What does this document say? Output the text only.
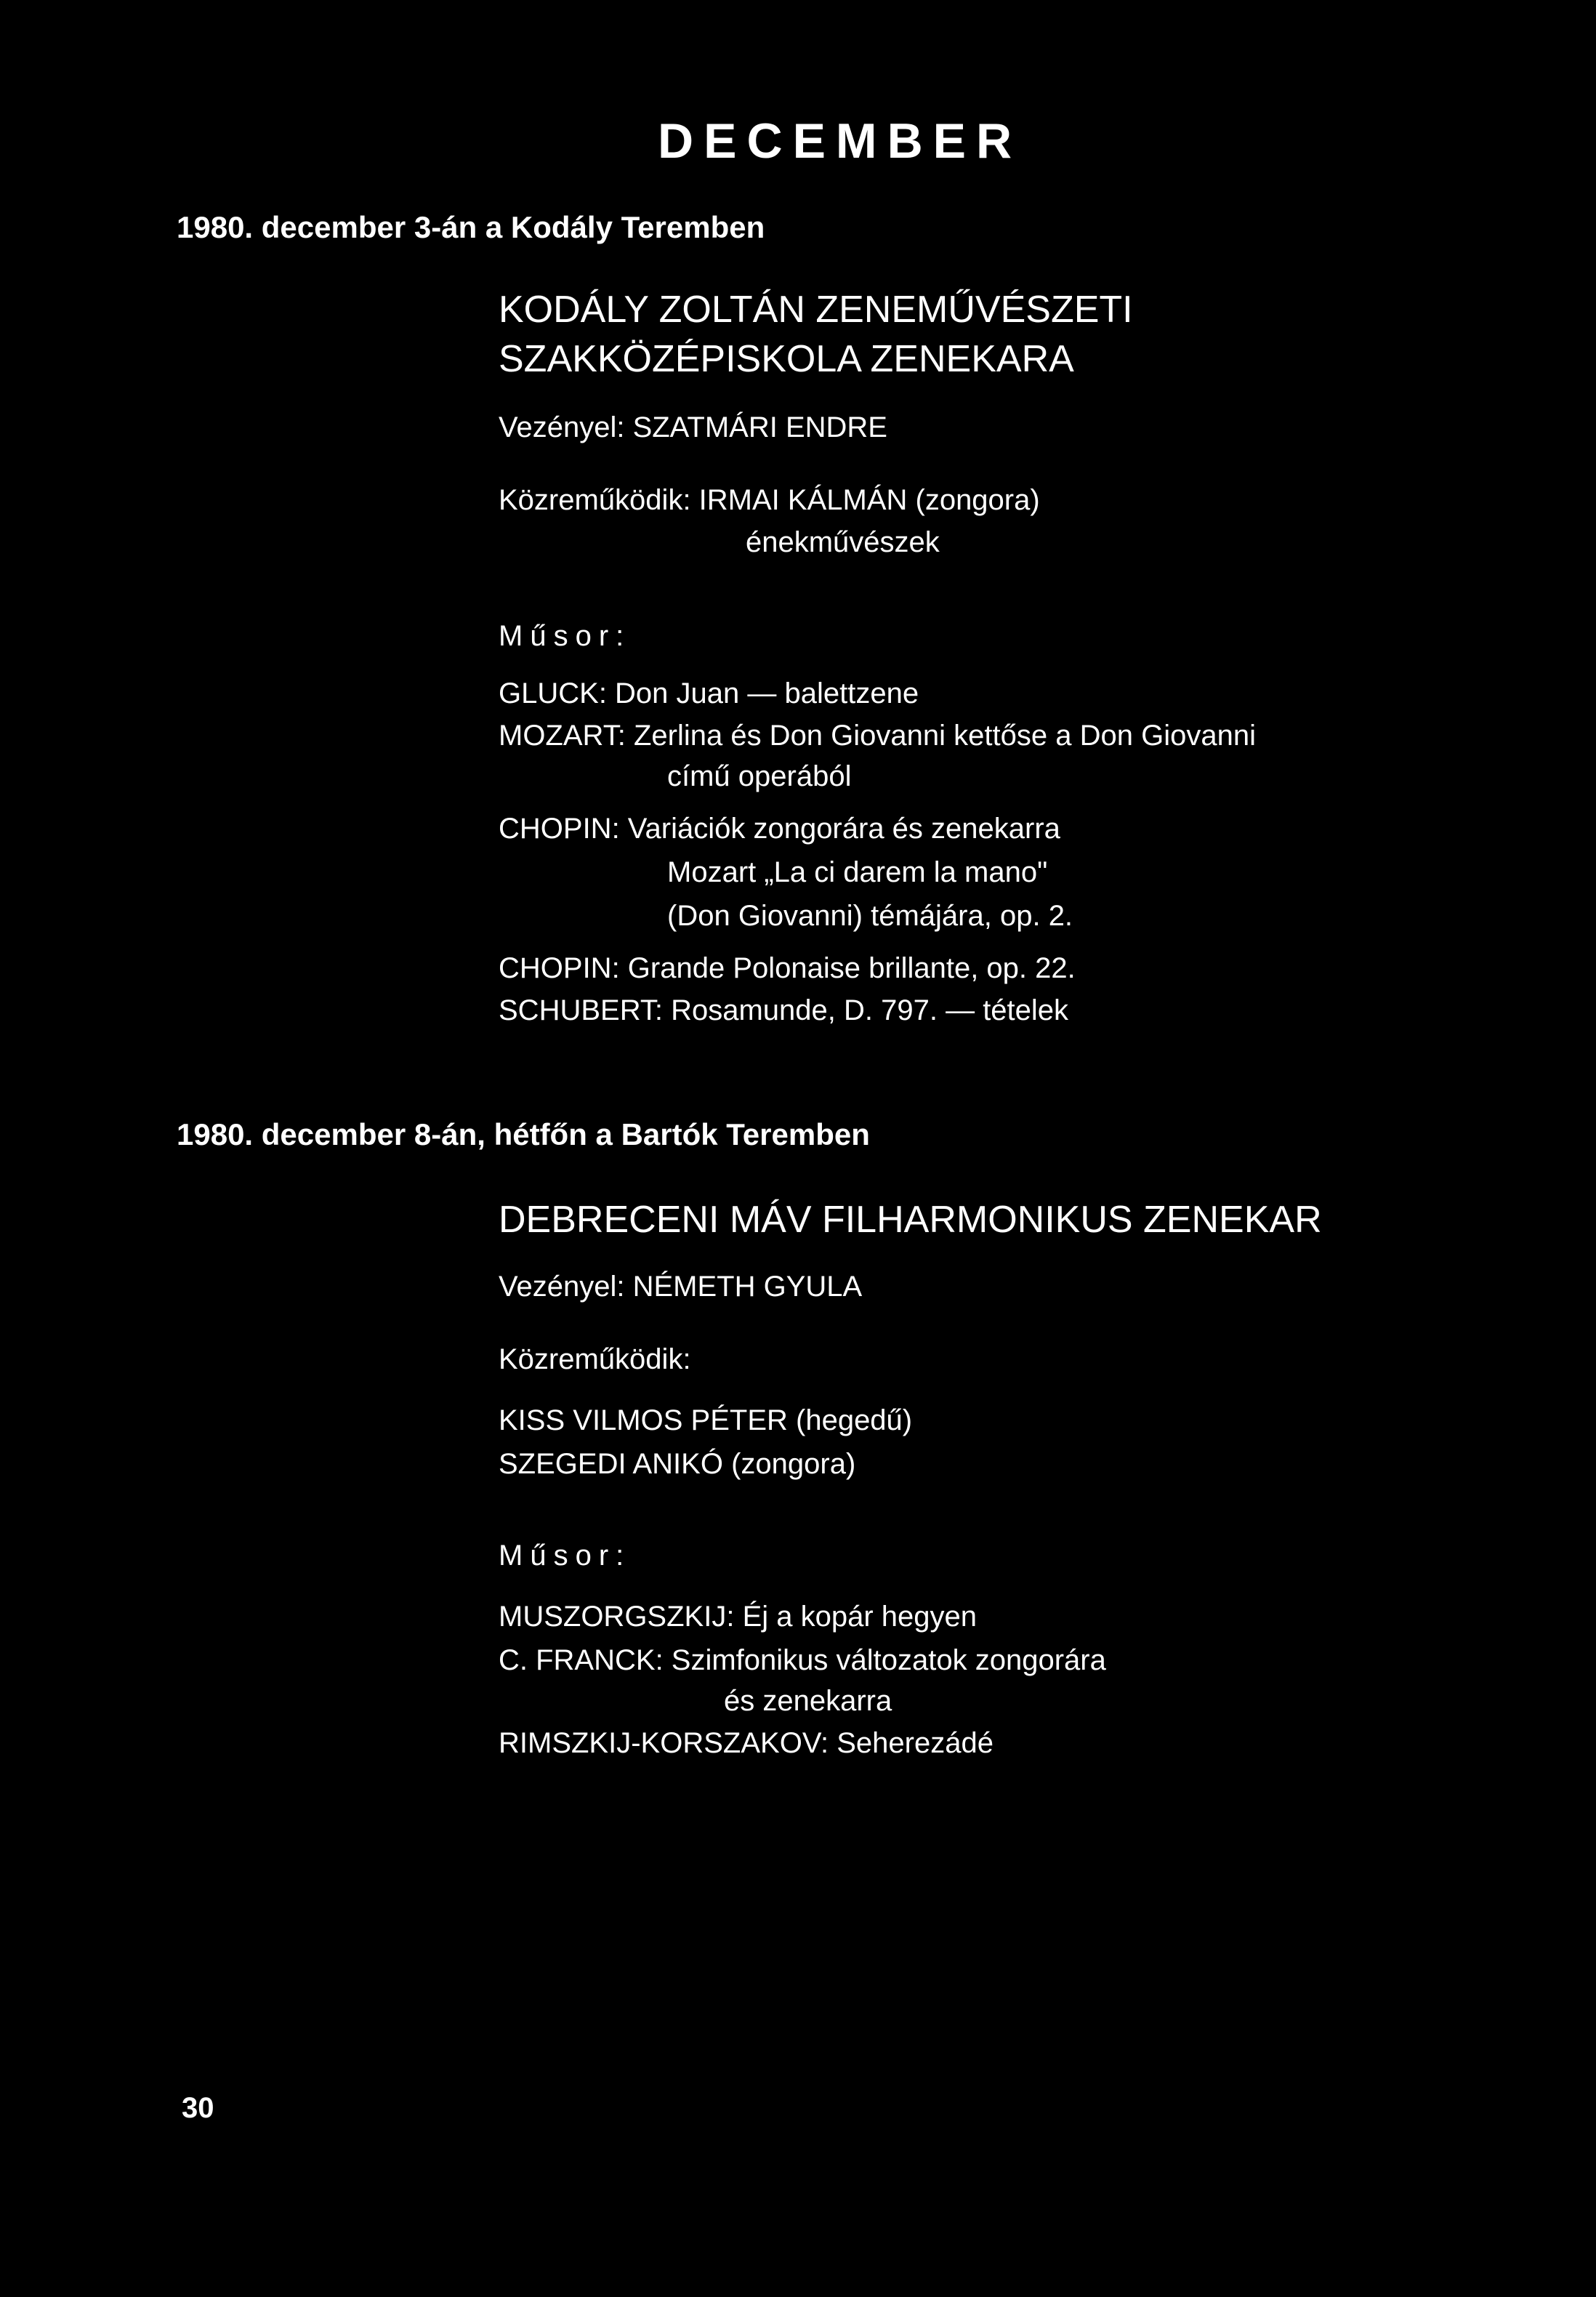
DECEMBER
1980. december 3-án a Kodály Teremben
KODÁLY ZOLTÁN ZENEMŰVÉSZETI
SZAKKÖZÉPISKOLA ZENEKARA
Vezényel: SZATMÁRI ENDRE
Közreműködik: IRMAI KÁLMÁN (zongora)
énekművészek
Műsor:
GLUCK: Don Juan — balettzene
MOZART: Zerlina és Don Giovanni kettőse a Don Giovanni
című operából
CHOPIN: Variációk zongorára és zenekarra
Mozart „La ci darem la mano"
(Don Giovanni) témájára, op. 2.
CHOPIN: Grande Polonaise brillante, op. 22.
SCHUBERT: Rosamunde, D. 797. — tételek
1980. december 8-án, hétfőn a Bartók Teremben
DEBRECENI MÁV FILHARMONIKUS ZENEKAR
Vezényel: NÉMETH GYULA
Közreműködik:
KISS VILMOS PÉTER (hegedű)
SZEGEDI ANIKÓ (zongora)
Műsor:
MUSZORGSZKIJ: Éj a kopár hegyen
C. FRANCK: Szimfonikus változatok zongorára
és zenekarra
RIMSZKIJ-KORSZAKOV: Seherezádé
30
